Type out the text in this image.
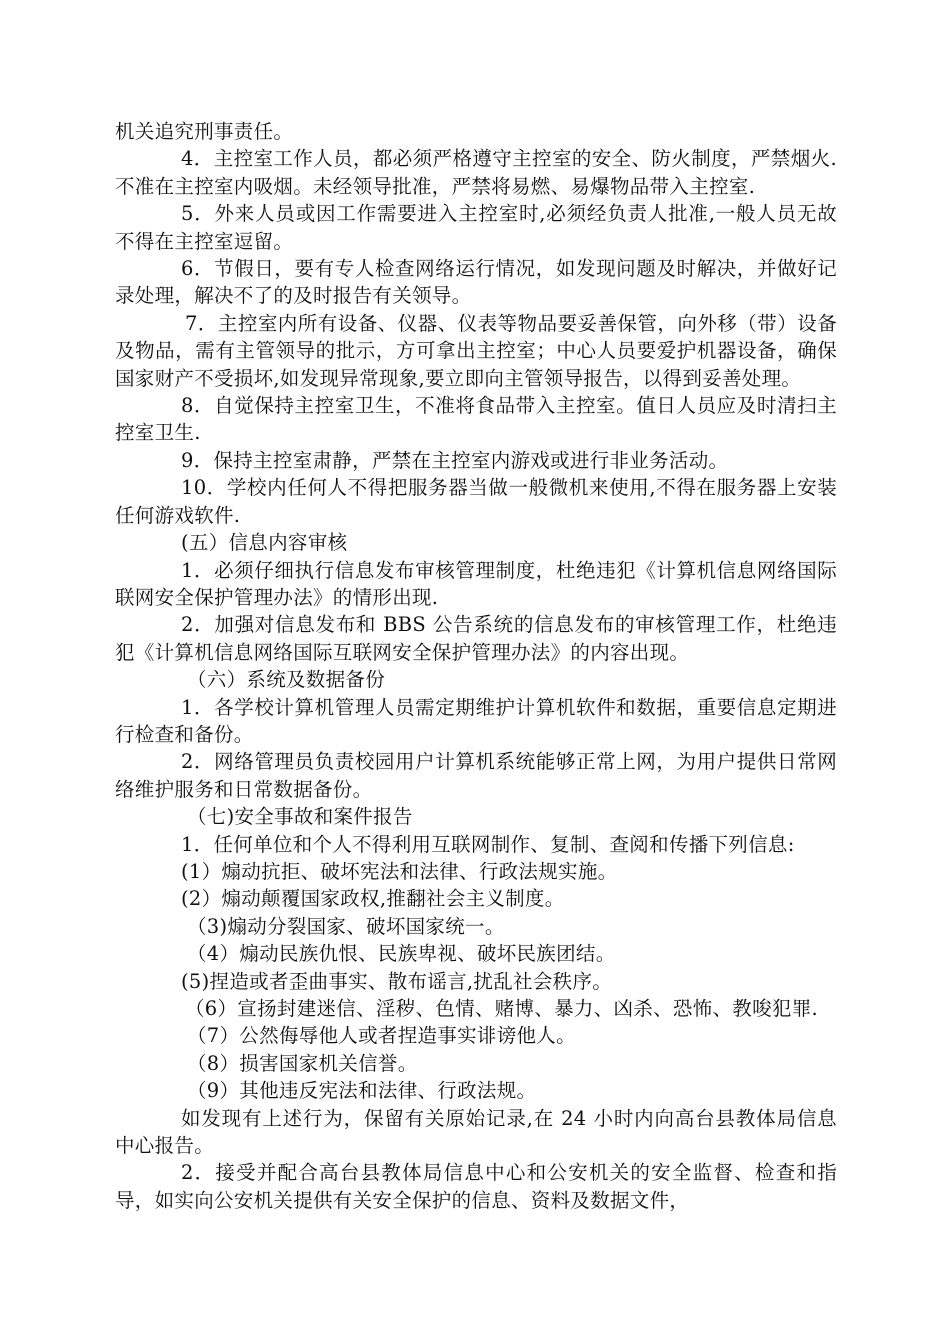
机关追究刑事责任。

4．主控室工作人员，都必须严格遵守主控室的安全、防火制度，严禁烟火.不准在主控室内吸烟。未经领导批准，严禁将易燃、易爆物品带入主控室.

5．外来人员或因工作需要进入主控室时,必须经负责人批准,一般人员无故不得在主控室逗留。

6．节假日，要有专人检查网络运行情况，如发现问题及时解决，并做好记录处理，解决不了的及时报告有关领导。

7．主控室内所有设备、仪器、仪表等物品要妥善保管，向外移（带）设备及物品，需有主管领导的批示，方可拿出主控室；中心人员要爱护机器设备，确保国家财产不受损坏,如发现异常现象,要立即向主管领导报告，以得到妥善处理。

8．自觉保持主控室卫生，不准将食品带入主控室。值日人员应及时清扫主控室卫生.

9．保持主控室肃静，严禁在主控室内游戏或进行非业务活动。

10．学校内任何人不得把服务器当做一般微机来使用,不得在服务器上安装任何游戏软件.

(五）信息内容审核

1．必须仔细执行信息发布审核管理制度，杜绝违犯《计算机信息网络国际联网安全保护管理办法》的情形出现.

2．加强对信息发布和 BBS 公告系统的信息发布的审核管理工作，杜绝违犯《计算机信息网络国际互联网安全保护管理办法》的内容出现。

（六）系统及数据备份

1．各学校计算机管理人员需定期维护计算机软件和数据，重要信息定期进行检查和备份。

2．网络管理员负责校园用户计算机系统能够正常上网，为用户提供日常网络维护服务和日常数据备份。

（七)安全事故和案件报告

1．任何单位和个人不得利用互联网制作、复制、查阅和传播下列信息:

(1）煽动抗拒、破坏宪法和法律、行政法规实施。

(2）煽动颠覆国家政权,推翻社会主义制度。

（3)煽动分裂国家、破坏国家统一。

（4）煽动民族仇恨、民族卑视、破坏民族团结。

(5)捏造或者歪曲事实、散布谣言,扰乱社会秩序。

（6）宣扬封建迷信、淫秽、色情、赌博、暴力、凶杀、恐怖、教唆犯罪.

（7）公然侮辱他人或者捏造事实诽谤他人。

（8）损害国家机关信誉。

（9）其他违反宪法和法律、行政法规。

如发现有上述行为，保留有关原始记录,在 24 小时内向高台县教体局信息中心报告。

2．接受并配合高台县教体局信息中心和公安机关的安全监督、检查和指导，如实向公安机关提供有关安全保护的信息、资料及数据文件，
